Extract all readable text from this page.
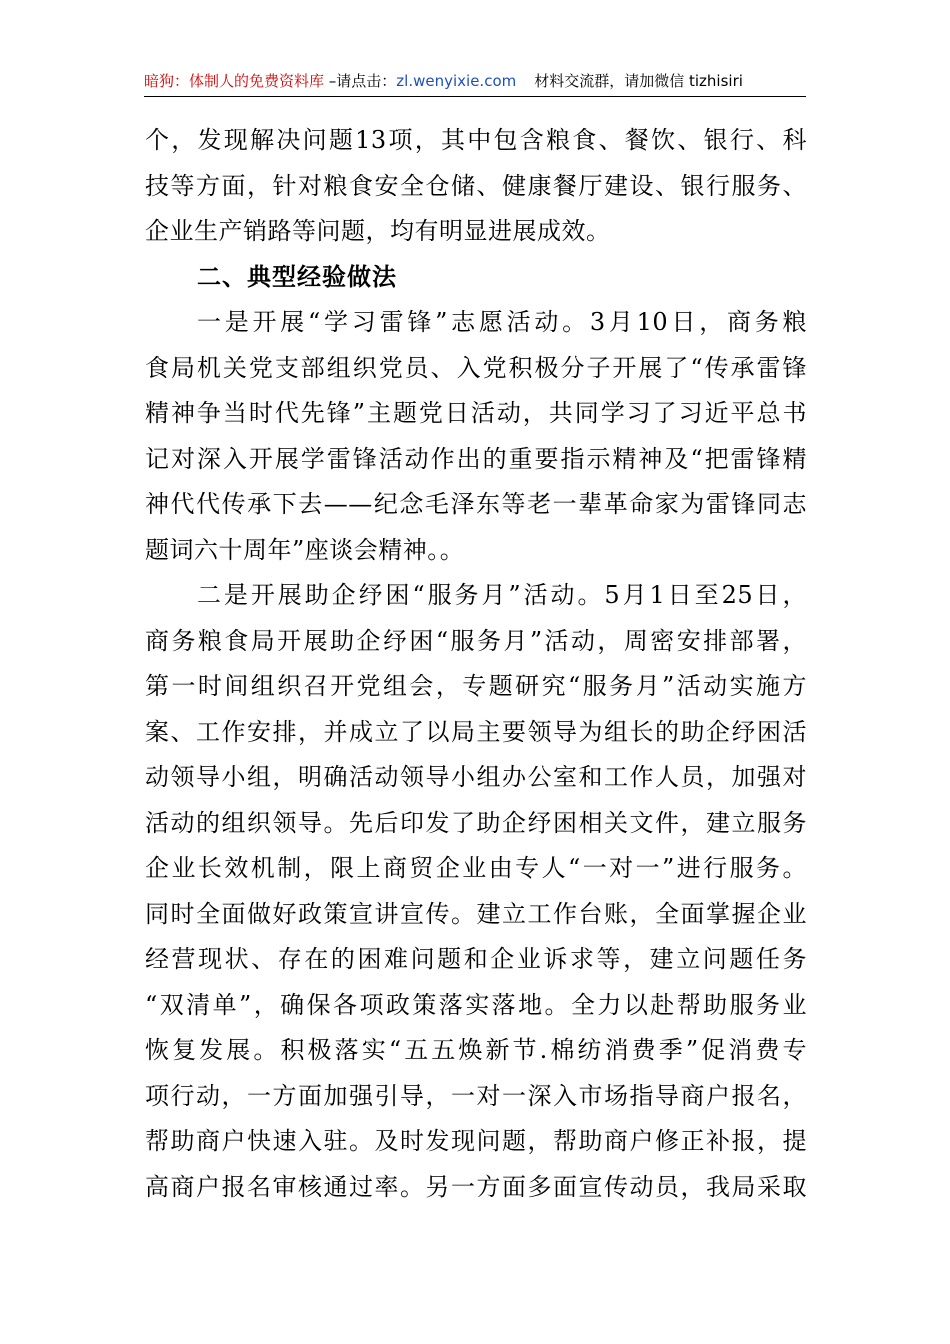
暗狗：体制人的免费资料库 –请点击：zl.wenyixie.com 材料交流群，请加微信 tizhisiri
个，发现解决问题13项，其中包含粮食、餐饮、银行、科
技等方面，针对粮食安全仓储、健康餐厅建设、银行服务、
企业生产销路等问题，均有明显进展成效。
二、典型经验做法
一是开展“学习雷锋”志愿活动。3月10日，商务粮
食局机关党支部组织党员、入党积极分子开展了“传承雷锋
精神争当时代先锋”主题党日活动，共同学习了习近平总书
记对深入开展学雷锋活动作出的重要指示精神及“把雷锋精
神代代传承下去——纪念毛泽东等老一辈革命家为雷锋同志
题词六十周年”座谈会精神。。
二是开展助企纾困“服务月”活动。5月1日至25日，
商务粮食局开展助企纾困“服务月”活动，周密安排部署，
第一时间组织召开党组会，专题研究“服务月”活动实施方
案、工作安排，并成立了以局主要领导为组长的助企纾困活
动领导小组，明确活动领导小组办公室和工作人员，加强对
活动的组织领导。先后印发了助企纾困相关文件，建立服务
企业长效机制，限上商贸企业由专人“一对一”进行服务。
同时全面做好政策宣讲宣传。建立工作台账，全面掌握企业
经营现状、存在的困难问题和企业诉求等，建立问题任务
“双清单”，确保各项政策落实落地。全力以赴帮助服务业
恢复发展。积极落实“五五焕新节.棉纺消费季”促消费专
项行动，一方面加强引导，一对一深入市场指导商户报名，
帮助商户快速入驻。及时发现问题，帮助商户修正补报，提
高商户报名审核通过率。另一方面多面宣传动员，我局采取
